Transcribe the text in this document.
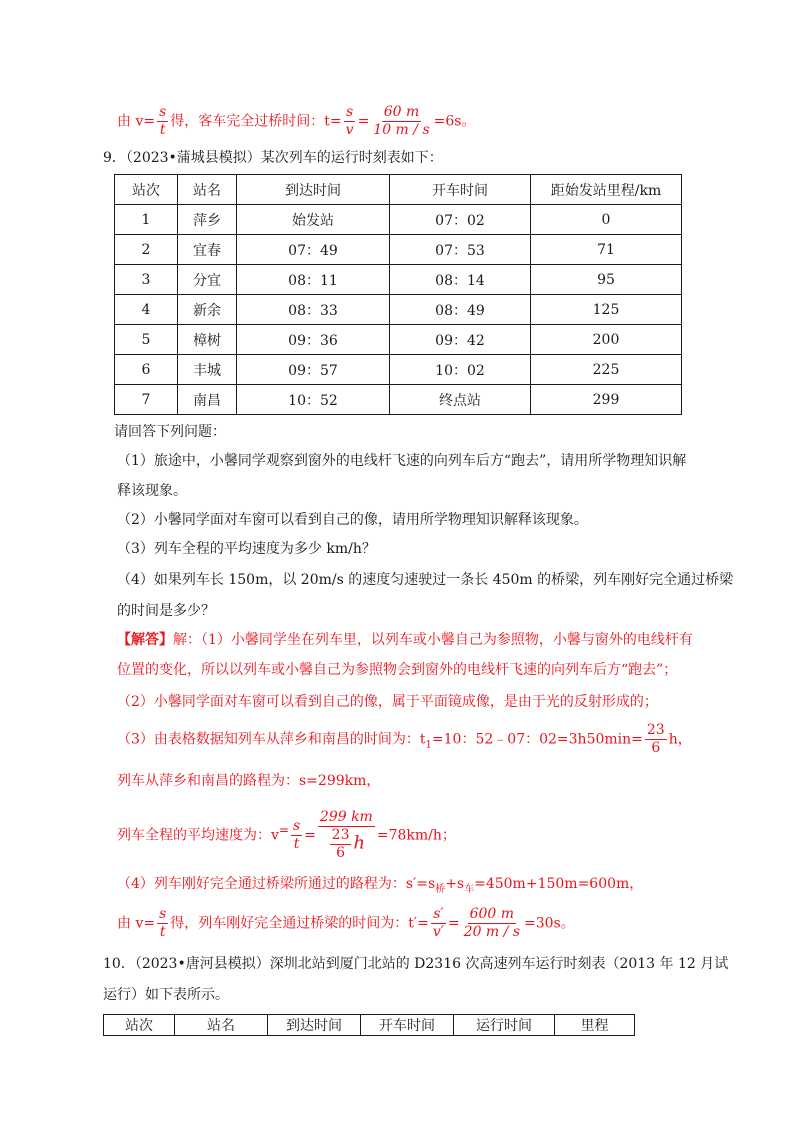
由 $v= \frac{s}{t}$ 得，客车完全过桥时间：$t= \frac{s}{v} = \frac{60 m}{10 m / s} =6s$。
9．（2023•蒲城县模拟）某次列车的运行时刻表如下：
站次	站名	到达时间	开车时间	距始发站里程/km
1	萍乡	始发站	07：02	0
2	宜春	07：49	07：53	71
3	分宜	08：11	08：14	95
4	新余	08：33	08：49	125
5	樟树	09：36	09：42	200
6	丰城	09：57	10：02	225
7	南昌	10：52	终点站	299
请回答下列问题：
（1）旅途中，小馨同学观察到窗外的电线杆飞速的向列车后方“跑去”，请用所学物理知识解
释该现象。
（2）小馨同学面对车窗可以看到自己的像，请用所学物理知识解释该现象。
（3）列车全程的平均速度为多少 km/h？
（4）如果列车长 150m，以 20m/s 的速度匀速驶过一条长 450m 的桥梁，列车刚好完全通过桥梁
的时间是多少？
【解答】解：（1）小馨同学坐在列车里，以列车或小馨自己为参照物，小馨与窗外的电线杆有
位置的变化，所以以列车或小馨自己为参照物会到窗外的电线杆飞速的向列车后方“跑去”；
（2）小馨同学面对车窗可以看到自己的像，属于平面镜成像，是由于光的反射形成的；
（3）由表格数据知列车从萍乡和南昌的时间为：$t_1=10$：52﹣07：$02=3h50\min= \frac{23}{6}$ h，
列车从萍乡和南昌的路程为：s=299km，
列车全程的平均速度为：$v= \frac{s}{t} = \frac{299 km}{\frac{23}{6} h} =78km/h$；
（4）列车刚好完全通过桥梁所通过的路程为：$s'=s_桥+s_车=450m+150m=600m$，
由 $v= \frac{s}{t}$ 得，列车刚好完全通过桥梁的时间为：$t'= \frac{s'}{v'} = \frac{600 m}{20 m / s} =30s$。
10．（2023•唐河县模拟）深圳北站到厦门北站的 D2316 次高速列车运行时刻表（2013 年 12 月试
运行）如下表所示。
站次	站名	到达时间	开车时间	运行时间	里程
